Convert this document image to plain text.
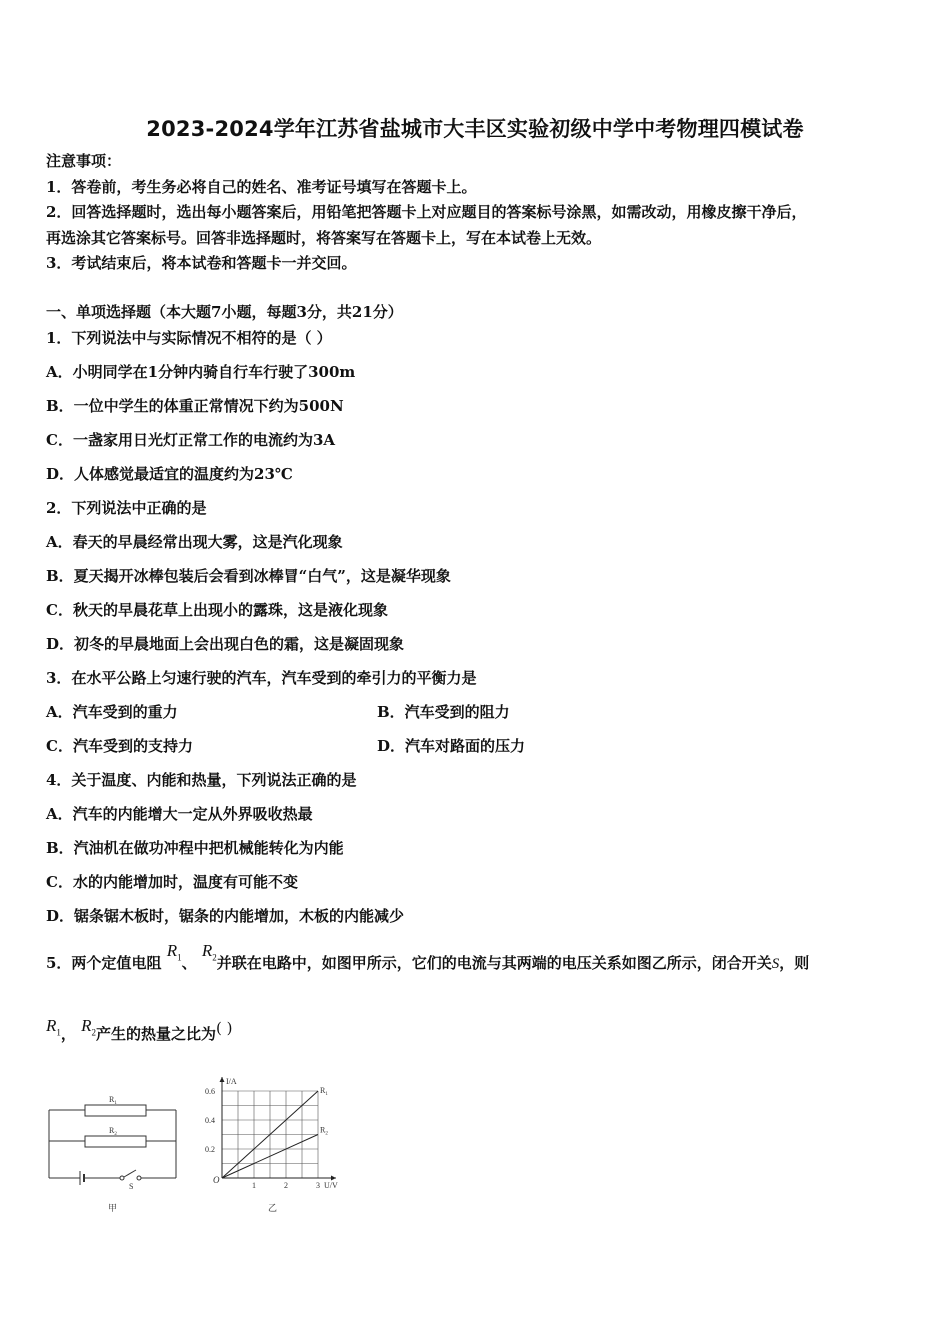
2023-2024学年江苏省盐城市大丰区实验初级中学中考物理四模试卷
注意事项：
1．答卷前，考生务必将自己的姓名、准考证号填写在答题卡上。
2．回答选择题时，选出每小题答案后，用铅笔把答题卡上对应题目的答案标号涂黑，如需改动，用橡皮擦干净后，
再选涂其它答案标号。回答非选择题时，将答案写在答题卡上，写在本试卷上无效。
3．考试结束后，将本试卷和答题卡一并交回。
一、单项选择题（本大题7小题，每题3分，共21分）
1．下列说法中与实际情况不相符的是（ ）
A．小明同学在1分钟内骑自行车行驶了300m
B．一位中学生的体重正常情况下约为500N
C．一盏家用日光灯正常工作的电流约为3A
D．人体感觉最适宜的温度约为23℃
2．下列说法中正确的是
A．春天的早晨经常出现大雾，这是汽化现象
B．夏天揭开冰棒包装后会看到冰棒冒“白气”，这是凝华现象
C．秋天的早晨花草上出现小的露珠，这是液化现象
D．初冬的早晨地面上会出现白色的霜，这是凝固现象
3．在水平公路上匀速行驶的汽车，汽车受到的牵引力的平衡力是
A．汽车受到的重力	B．汽车受到的阻力
C．汽车受到的支持力	D．汽车对路面的压力
4．关于温度、内能和热量，下列说法正确的是
A．汽车的内能增大一定从外界吸收热最
B．汽油机在做功冲程中把机械能转化为内能
C．水的内能增加时，温度有可能不变
D．锯条锯木板时，锯条的内能增加，木板的内能减少
5．两个定值电阻 $R_1$、 $R_2$并联在电路中，如图甲所示，它们的电流与其两端的电压关系如图乙所示，闭合开关S，则
$R_1$， $R_2$产生的热量之比为( )
$R_1$
$R_2$
S
甲
1	2	3
0.2
0.4
0.6
O
U/V
I/A
$R_1$
$R_2$
乙
